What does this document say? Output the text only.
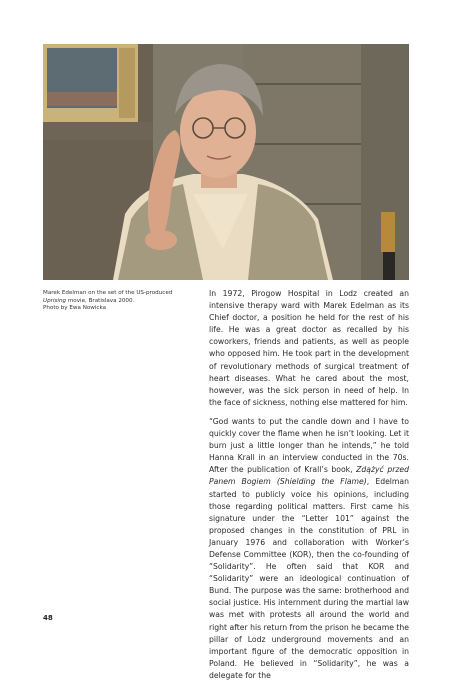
Marek Edelman on the set of the US-produced
Uprising movie, Bratislava 2000.
Photo by Ewa Nowicka

In 1972, Pirogow Hospital in Lodz created an intensive therapy ward with Marek Edelman as its Chief doctor, a position he held for the rest of his life. He was a great doctor as recalled by his coworkers, friends and patients, as well as people who opposed him. He took part in the development of revolutionary methods of surgical treatment of heart diseases. What he cared about the most, however, was the sick person in need of help. In the face of sickness, nothing else mattered for him.

“God wants to put the candle down and I have to quickly cover the flame when he isn’t looking. Let it burn just a little longer than he intends,” he told Hanna Krall in an interview conducted in the 70s. After the publication of Krall’s book, Zdążyć przed Panem Bogiem (Shielding the Flame), Edelman started to publicly voice his opinions, including those regarding political matters. First came his signature under the “Letter 101” against the proposed changes in the constitution of PRL in January 1976 and collaboration with Worker’s Defense Committee (KOR), then the co-founding of “Solidarity”. He often said that KOR and “Solidarity” were an ideological continuation of Bund. The purpose was the same: brotherhood and social justice. His internment during the martial law was met with protests all around the world and right after his return from the prison he became the pillar of Lodz underground movements and an important figure of the democratic opposition in Poland. He believed in “Solidarity”, he was a delegate for the

48
